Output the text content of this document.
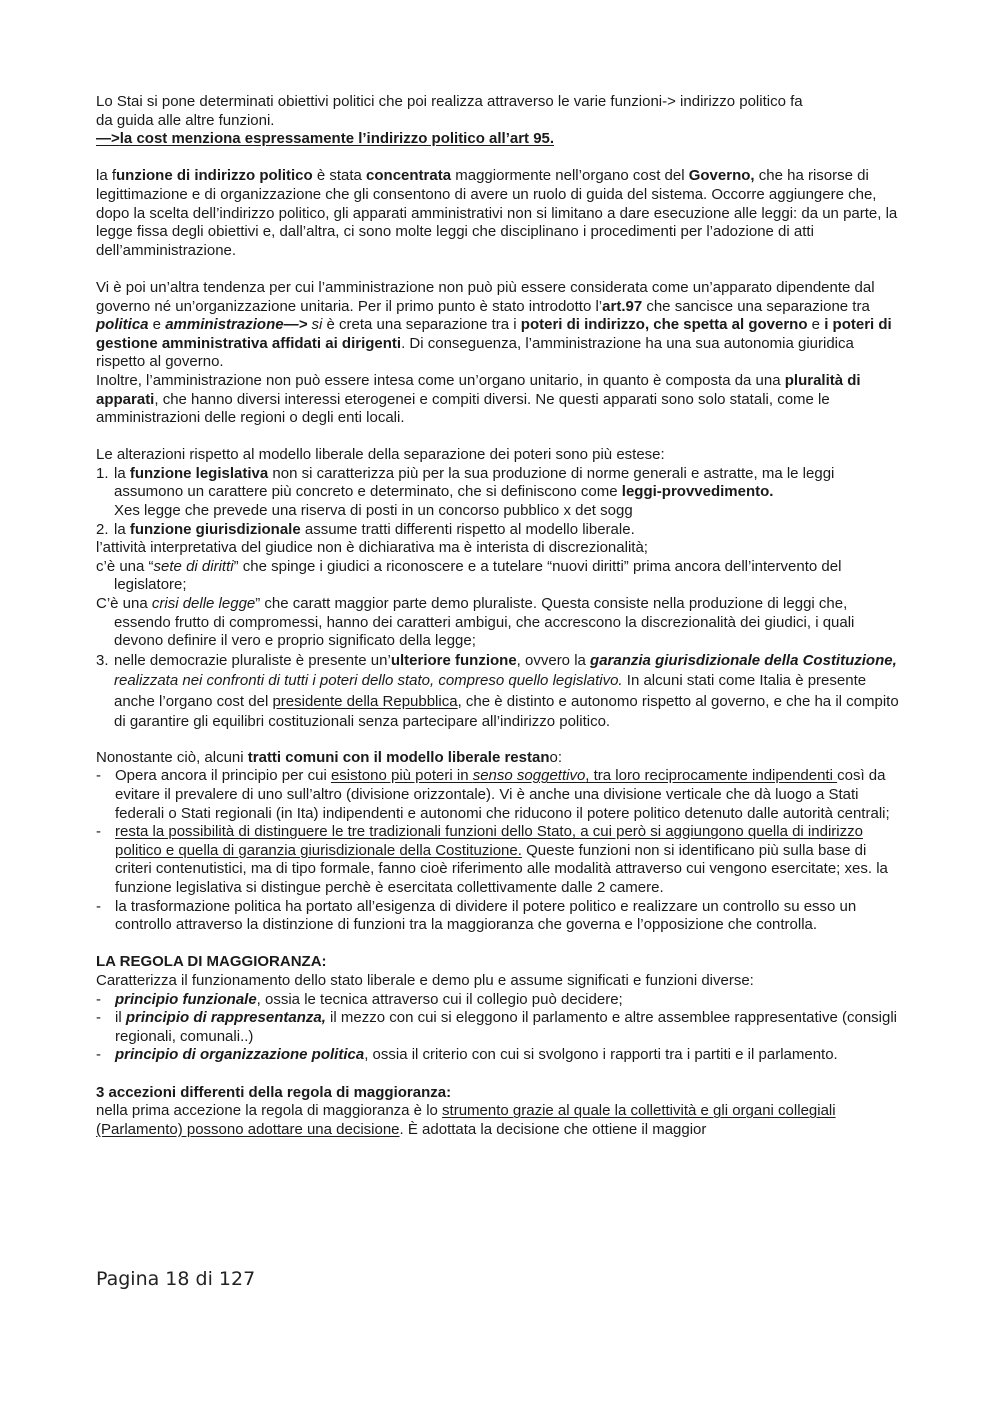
Lo Stai si pone determinati obiettivi politici che poi realizza attraverso le varie funzioni-> indirizzo politico fa
da guida alle altre funzioni.
—>la cost menziona espressamente l’indirizzo politico all’art 95.

la funzione di indirizzo politico è stata concentrata maggiormente nell’organo cost del Governo, che ha risorse di legittimazione e di organizzazione che gli consentono di avere un ruolo di guida del sistema. Occorre aggiungere che, dopo la scelta dell’indirizzo politico, gli apparati amministrativi non si limitano a dare esecuzione alle leggi: da un parte, la legge fissa degli obiettivi e, dall’altra, ci sono molte leggi che disciplinano i procedimenti per l’adozione di atti dell’amministrazione.

Vi è poi un’altra tendenza per cui l’amministrazione non può più essere considerata come un’apparato dipendente dal governo né un’organizzazione unitaria. Per il primo punto è stato introdotto l’art.97 che sancisce una separazione tra politica e amministrazione—> si è creta una separazione tra i poteri di indirizzo, che spetta al governo e i poteri di gestione amministrativa affidati ai dirigenti. Di conseguenza, l’amministrazione ha una sua autonomia giuridica rispetto al governo.

Inoltre, l’amministrazione non può essere intesa come un’organo unitario, in quanto è composta da una pluralità di apparati, che hanno diversi interessi eterogenei e compiti diversi. Ne questi apparati sono solo statali, come le amministrazioni delle regioni o degli enti locali.

Le alterazioni rispetto al modello liberale della separazione dei poteri sono più estese:

1. la funzione legislativa non si caratterizza più per la sua produzione di norme generali e astratte, ma le leggi assumono un carattere più concreto e determinato, che si definiscono come leggi-provvedimento.
Xes legge che prevede una riserva di posti in un concorso pubblico x det sogg

2. la funzione giurisdizionale assume tratti differenti rispetto al modello liberale.

l’attività interpretativa del giudice non è dichiarativa ma è interista di discrezionalità;

c’è una “sete di diritti” che spinge i giudici a riconoscere e a tutelare “nuovi diritti” prima ancora dell’intervento del legislatore;

C’è una crisi delle legge” che caratt maggior parte demo pluraliste. Questa consiste nella produzione di leggi che, essendo frutto di compromessi, hanno dei caratteri ambigui, che accrescono la discrezionalità dei giudici, i quali devono definire il vero e proprio significato della legge;

3. nelle democrazie pluraliste è presente un’ulteriore funzione, ovvero la garanzia giurisdizionale della Costituzione, realizzata nei confronti di tutti i poteri dello stato, compreso quello legislativo. In alcuni stati come Italia è presente anche l’organo cost del presidente della Repubblica, che è distinto e autonomo rispetto al governo, e che ha il compito di garantire gli equilibri costituzionali senza partecipare all’indirizzo politico.

Nonostante ciò, alcuni tratti comuni con il modello liberale restano:

- Opera ancora il principio per cui esistono più poteri in senso soggettivo, tra loro reciprocamente indipendenti così da evitare il prevalere di uno sull’altro (divisione orizzontale). Vi è anche una divisione verticale che dà luogo a Stati federali o Stati regionali (in Ita) indipendenti e autonomi che riducono il potere politico detenuto dalle autorità centrali;

- resta la possibilità di distinguere le tre tradizionali funzioni dello Stato, a cui però si aggiungono quella di indirizzo politico e quella di garanzia giurisdizionale della Costituzione. Queste funzioni non si identificano più sulla base di criteri contenutistici, ma di tipo formale, fanno cioè riferimento alle modalità attraverso cui vengono esercitate; xes. la funzione legislativa si distingue perchè è esercitata collettivamente dalle 2 camere.

- la trasformazione politica ha portato all’esigenza di dividere il potere politico e realizzare un controllo su esso un controllo attraverso la distinzione di funzioni tra la maggioranza che governa e l’opposizione che controlla.

LA REGOLA DI MAGGIORANZA:

Caratterizza il funzionamento dello stato liberale e demo plu e assume significati e funzioni diverse:

- principio funzionale, ossia le tecnica attraverso cui il collegio può decidere;

- il principio di rappresentanza, il mezzo con cui si eleggono il parlamento e altre assemblee rappresentative (consigli regionali, comunali..)

- principio di organizzazione politica, ossia il criterio con cui si svolgono i rapporti tra i partiti e il parlamento.

3 accezioni differenti della regola di maggioranza:

nella prima accezione la regola di maggioranza è lo strumento grazie al quale la collettività e gli organi collegiali (Parlamento) possono adottare una decisione. È adottata la decisione che ottiene il maggior

Pagina 18 di 127
